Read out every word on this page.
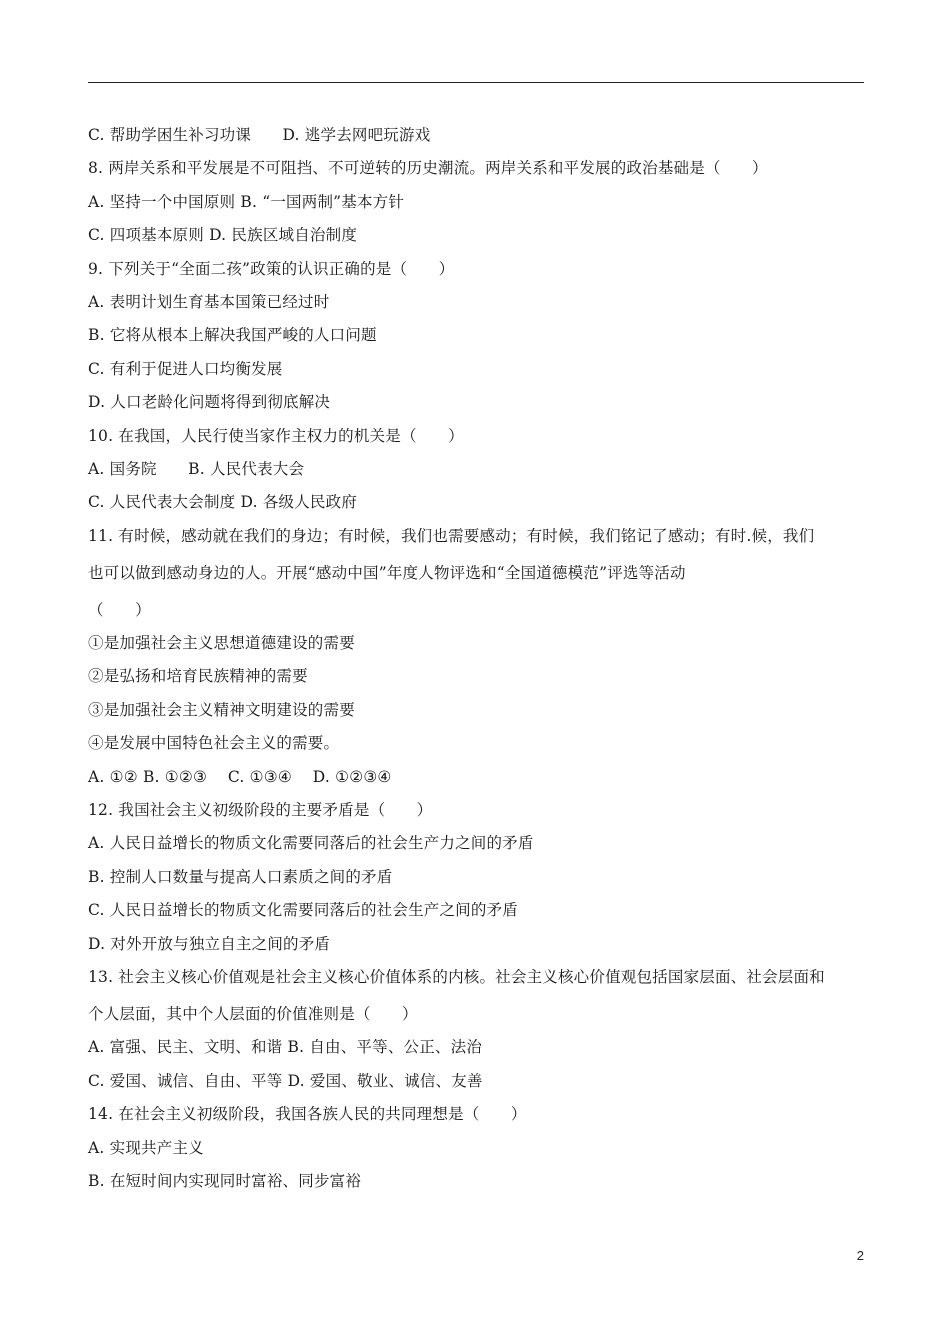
C. 帮助学困生补习功课　　D. 逃学去网吧玩游戏
8. 两岸关系和平发展是不可阻挡、不可逆转的历史潮流。两岸关系和平发展的政治基础是（　　）
A. 坚持一个中国原则 B. “一国两制”基本方针
C. 四项基本原则 D. 民族区域自治制度
9. 下列关于“全面二孩”政策的认识正确的是（　　）
A. 表明计划生育基本国策已经过时
B. 它将从根本上解决我国严峻的人口问题
C. 有利于促进人口均衡发展
D. 人口老龄化问题将得到彻底解决
10. 在我国，人民行使当家作主权力的机关是（　　）
A. 国务院　　B. 人民代表大会
C. 人民代表大会制度 D. 各级人民政府
11. 有时候，感动就在我们的身边；有时候，我们也需要感动；有时候，我们铭记了感动；有时.候，我们
也可以做到感动身边的人。开展“感动中国”年度人物评选和“全国道德模范”评选等活动
（　　）
①是加强社会主义思想道德建设的需要
②是弘扬和培育民族精神的需要
③是加强社会主义精神文明建设的需要
④是发展中国特色社会主义的需要。
A. ①② B. ①②③　 C. ①③④　 D. ①②③④
12. 我国社会主义初级阶段的主要矛盾是（　　）
A. 人民日益增长的物质文化需要同落后的社会生产力之间的矛盾
B. 控制人口数量与提高人口素质之间的矛盾
C. 人民日益增长的物质文化需要同落后的社会生产之间的矛盾
D. 对外开放与独立自主之间的矛盾
13. 社会主义核心价值观是社会主义核心价值体系的内核。社会主义核心价值观包括国家层面、社会层面和
个人层面，其中个人层面的价值准则是（　　）
A. 富强、民主、文明、和谐 B. 自由、平等、公正、法治
C. 爱国、诚信、自由、平等 D. 爱国、敬业、诚信、友善
14. 在社会主义初级阶段，我国各族人民的共同理想是（　　）
A. 实现共产主义
B. 在短时间内实现同时富裕、同步富裕
2
